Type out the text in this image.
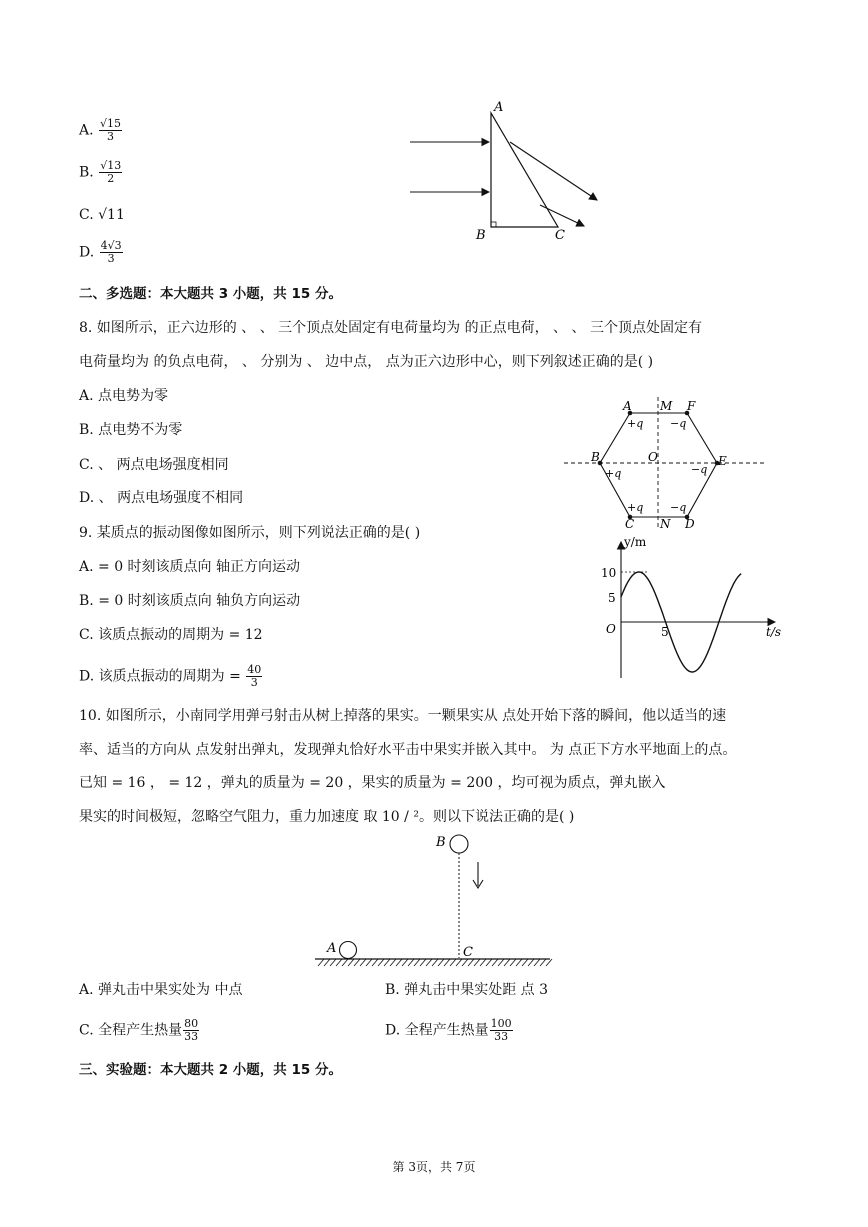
A. $\frac{√15}{3}$
B. $\frac{√13}{2}$
C. √11
D. $\frac{4√3}{3}$
A
B	C
二、多选题：本大题共 3 小题，共 15 分。
8. 如图所示，正六边形的 、 、 三个顶点处固定有电荷量均为 的正点电荷， 、 、 三个顶点处固定有
电荷量均为 的负点电荷， 、 分别为 、 边中点， 点为正六边形中心，则下列叙述正确的是( )
A. 点电势为零
B. 点电势不为零
C. 、 两点电场强度相同
D. 、 两点电场强度不相同
A M F
B	O	E
C N D
+q −q
+q	−q
+q −q
9. 某质点的振动图像如图所示，则下列说法正确的是( )
A. = 0 时刻该质点向 轴正方向运动
B. = 0 时刻该质点向 轴负方向运动
C. 该质点振动的周期为 = 12
D. 该质点振动的周期为 = $\frac{40}{3}$
y/m
t/s
O
10
5
5
10. 如图所示，小南同学用弹弓射击从树上掉落的果实。一颗果实从 点处开始下落的瞬间，他以适当的速
率、适当的方向从 点发射出弹丸，发现弹丸恰好水平击中果实并嵌入其中。 为 点正下方水平地面上的点。
已知 = 16 ， = 12 ，弹丸的质量为 = 20 ，果实的质量为 = 200 ，均可视为质点，弹丸嵌入
果实的时间极短，忽略空气阻力，重力加速度 取 10 / ²。则以下说法正确的是( )
B
A	C
A. 弹丸击中果实处为 中点	B. 弹丸击中果实处距 点 3
C. 全程产生热量 $\frac{80}{33}$	D. 全程产生热量 $\frac{100}{33}$
三、实验题：本大题共 2 小题，共 15 分。
第 3页，共 7页
